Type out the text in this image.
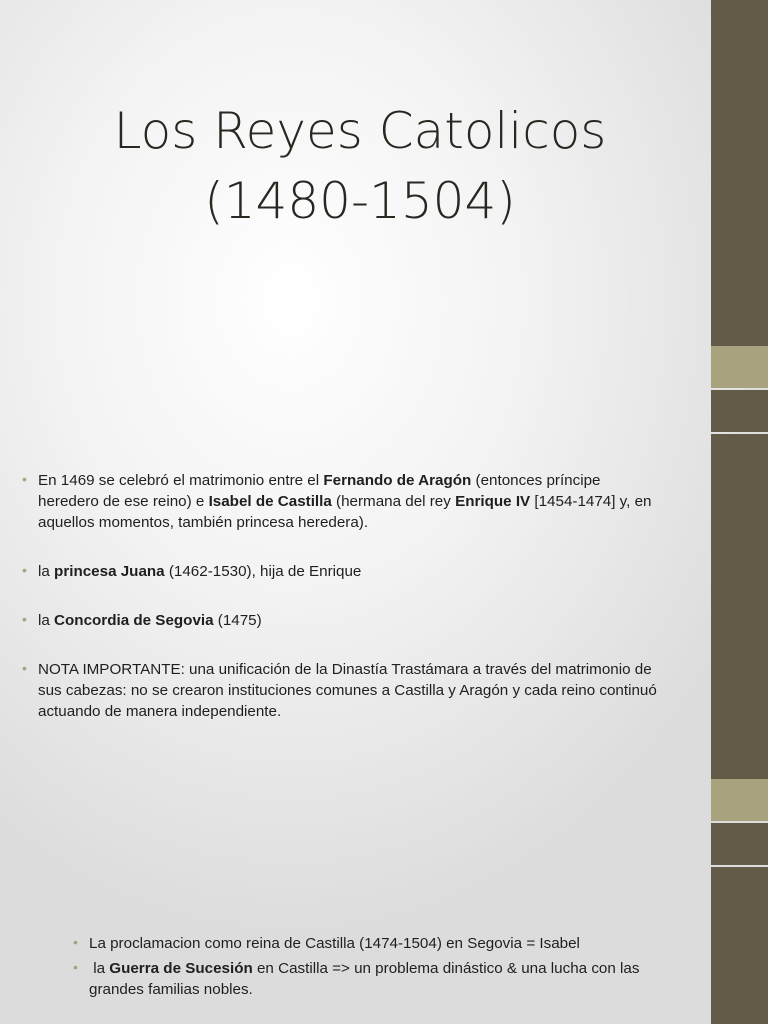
Los Reyes Catolicos (1480-1504)
• En 1469 se celebró el matrimonio entre el Fernando de Aragón (entonces príncipe heredero de ese reino) e Isabel de Castilla (hermana del rey Enrique IV [1454-1474] y, en aquellos momentos, también princesa heredera).
• la princesa Juana (1462-1530), hija de Enrique
• la Concordia de Segovia (1475)
• NOTA IMPORTANTE: una unificación de la Dinastía Trastámara a través del matrimonio de sus cabezas: no se crearon instituciones comunes a Castilla y Aragón y cada reino continuó actuando de manera independiente.
• La proclamacion como reina de Castilla (1474-1504) en Segovia = Isabel
• la Guerra de Sucesión en Castilla => un problema dinástico & una lucha con las grandes familias nobles.
